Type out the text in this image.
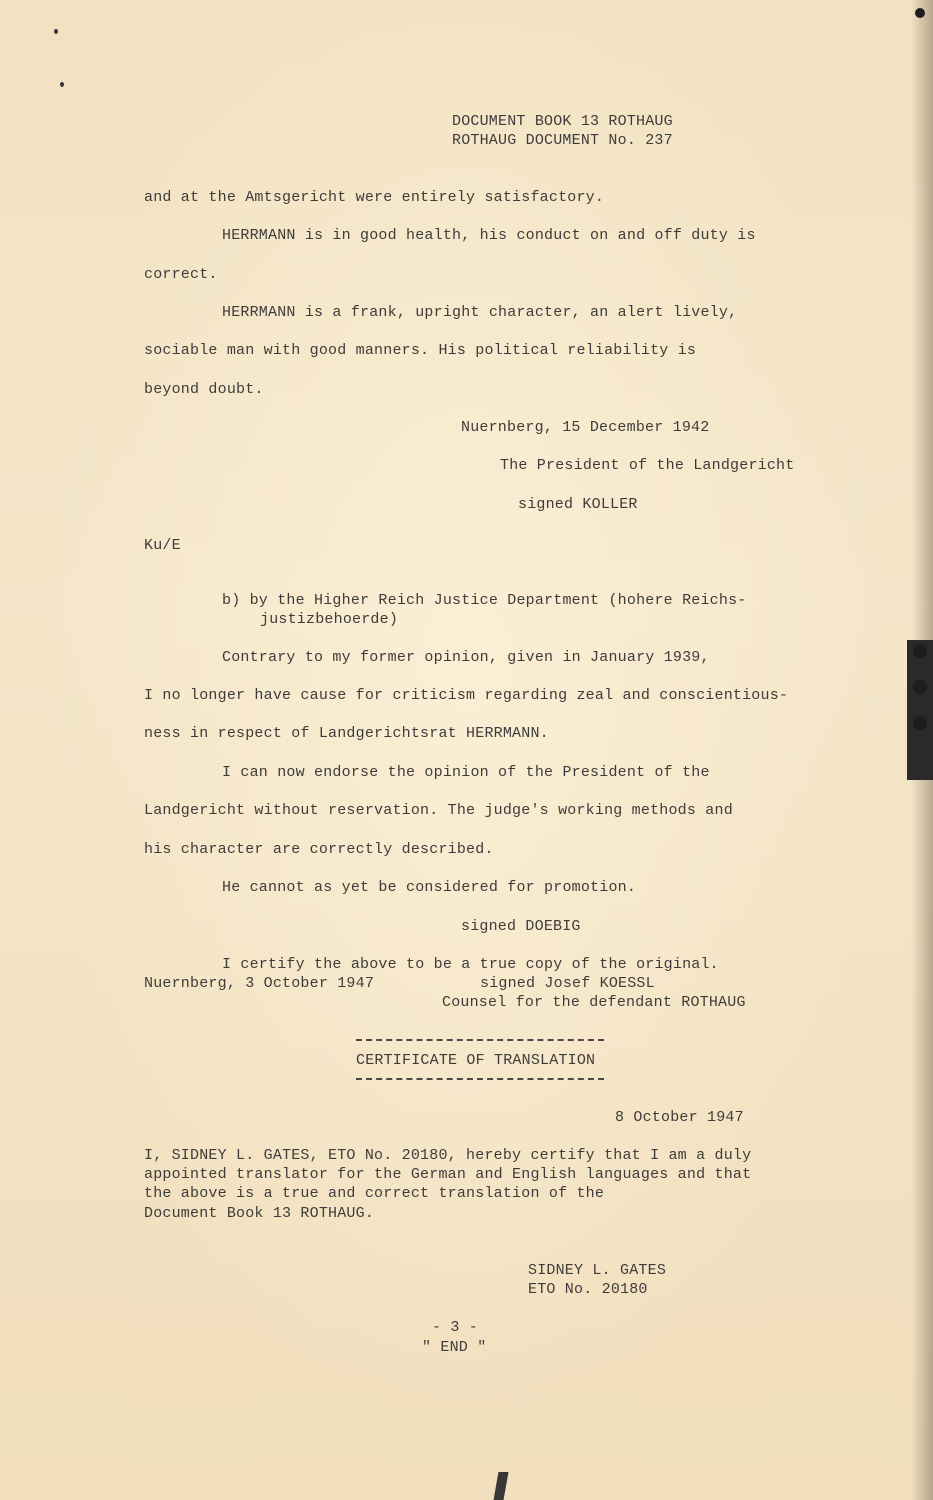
DOCUMENT BOOK 13 ROTHAUG

ROTHAUG DOCUMENT No. 237

and at the Amtsgericht were entirely satisfactory.

HERRMANN is in good health, his conduct on and off duty is

correct.

HERRMANN is a frank, upright character, an alert lively,

sociable man with good manners. His political reliability is

beyond doubt.

Nuernberg, 15 December 1942

The President of the Landgericht

signed KOLLER

Ku/E

b) by the Higher Reich Justice Department (hohere Reichs-

justizbehoerde)

Contrary to my former opinion, given in January 1939,

I no longer have cause for criticism regarding zeal and conscientious-

ness in respect of Landgerichtsrat HERRMANN.

I can now endorse the opinion of the President of the

Landgericht without reservation. The judge's working methods and

his character are correctly described.

He cannot as yet be considered for promotion.

signed DOEBIG

I certify the above to be a true copy of the original.

Nuernberg, 3 October 1947	signed Josef KOESSL

Counsel for the defendant ROTHAUG

CERTIFICATE OF TRANSLATION

8 October 1947

I, SIDNEY L. GATES, ETO No. 20180, hereby certify that I am a duly

appointed translator for the German and English languages and that

the above is a true and correct translation of the

Document Book 13 ROTHAUG.

SIDNEY L. GATES

ETO No. 20180

- 3 -

" END "
